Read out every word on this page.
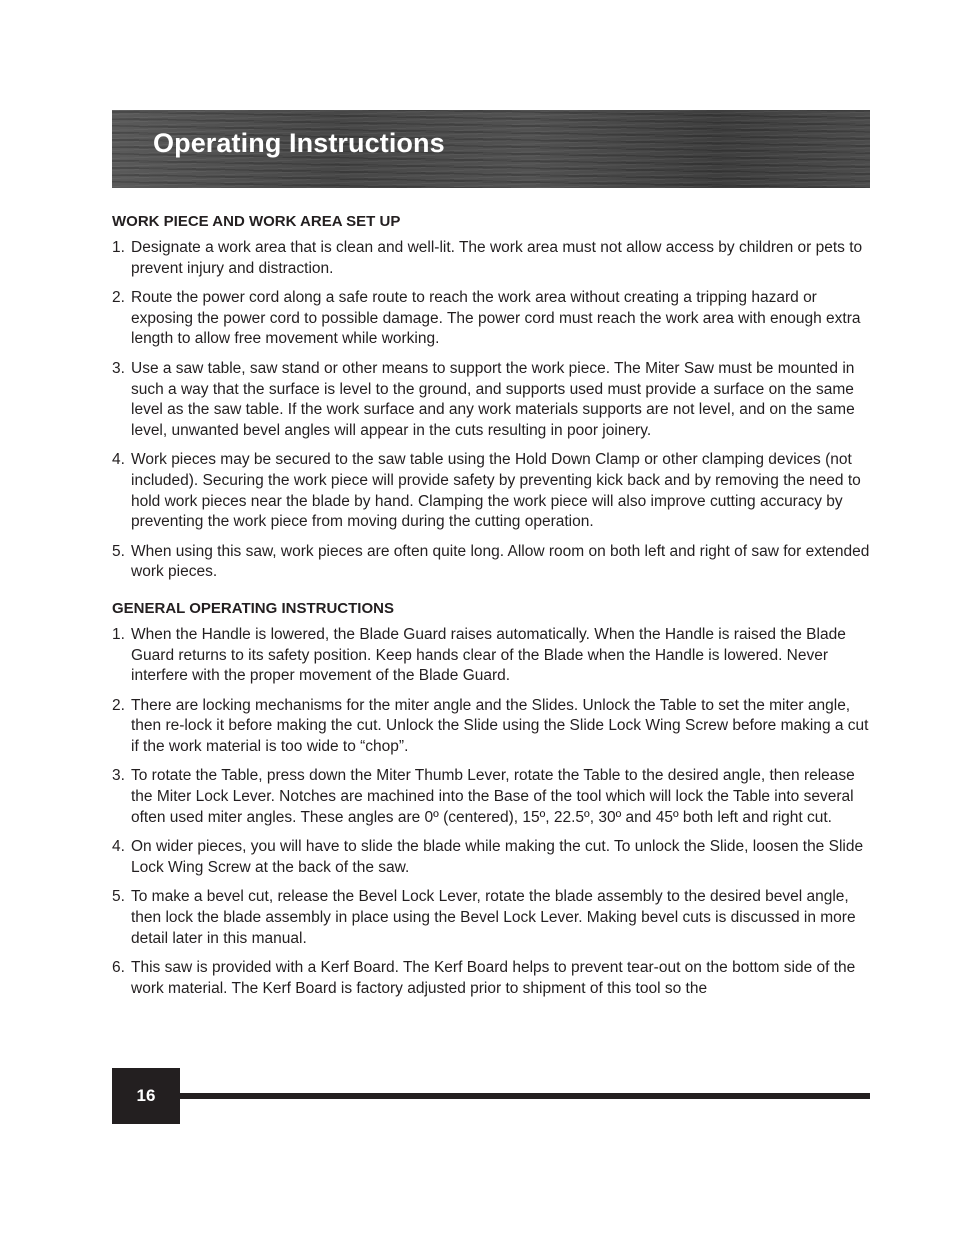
Operating Instructions
WORK PIECE AND WORK AREA SET UP
1. Designate a work area that is clean and well-lit. The work area must not allow access by children or pets to prevent injury and distraction.
2. Route the power cord along a safe route to reach the work area without creating a tripping hazard or exposing the power cord to possible damage. The power cord must reach the work area with enough extra length to allow free movement while working.
3. Use a saw table, saw stand or other means to support the work piece. The Miter Saw must be mounted in such a way that the surface is level to the ground, and supports used must provide a surface on the same level as the saw table. If the work surface and any work materials supports are not level, and on the same level, unwanted bevel angles will appear in the cuts resulting in poor joinery.
4. Work pieces may be secured to the saw table using the Hold Down Clamp or other clamping devices (not included). Securing the work piece will provide safety by preventing kick back and by removing the need to hold work pieces near the blade by hand. Clamping the work piece will also improve cutting accuracy by preventing the work piece from moving during the cutting operation.
5. When using this saw, work pieces are often quite long. Allow room on both left and right of saw for extended work pieces.
GENERAL OPERATING INSTRUCTIONS
1. When the Handle is lowered, the Blade Guard raises automatically. When the Handle is raised the Blade Guard returns to its safety position. Keep hands clear of the Blade when the Handle is lowered. Never interfere with the proper movement of the Blade Guard.
2. There are locking mechanisms for the miter angle and the Slides. Unlock the Table to set the miter angle, then re-lock it before making the cut. Unlock the Slide using the Slide Lock Wing Screw before making a cut if the work material is too wide to “chop”.
3. To rotate the Table, press down the Miter Thumb Lever, rotate the Table to the desired angle, then release the Miter Lock Lever. Notches are machined into the Base of the tool which will lock the Table into several often used miter angles. These angles are 0º (centered), 15º, 22.5º, 30º and 45º both left and right cut.
4. On wider pieces, you will have to slide the blade while making the cut. To unlock the Slide, loosen the Slide Lock Wing Screw at the back of the saw.
5. To make a bevel cut, release the Bevel Lock Lever, rotate the blade assembly to the desired bevel angle, then lock the blade assembly in place using the Bevel Lock Lever. Making bevel cuts is discussed in more detail later in this manual.
6. This saw is provided with a Kerf Board. The Kerf Board helps to prevent tear-out on the bottom side of the work material. The Kerf Board is factory adjusted prior to shipment of this tool so the
16
